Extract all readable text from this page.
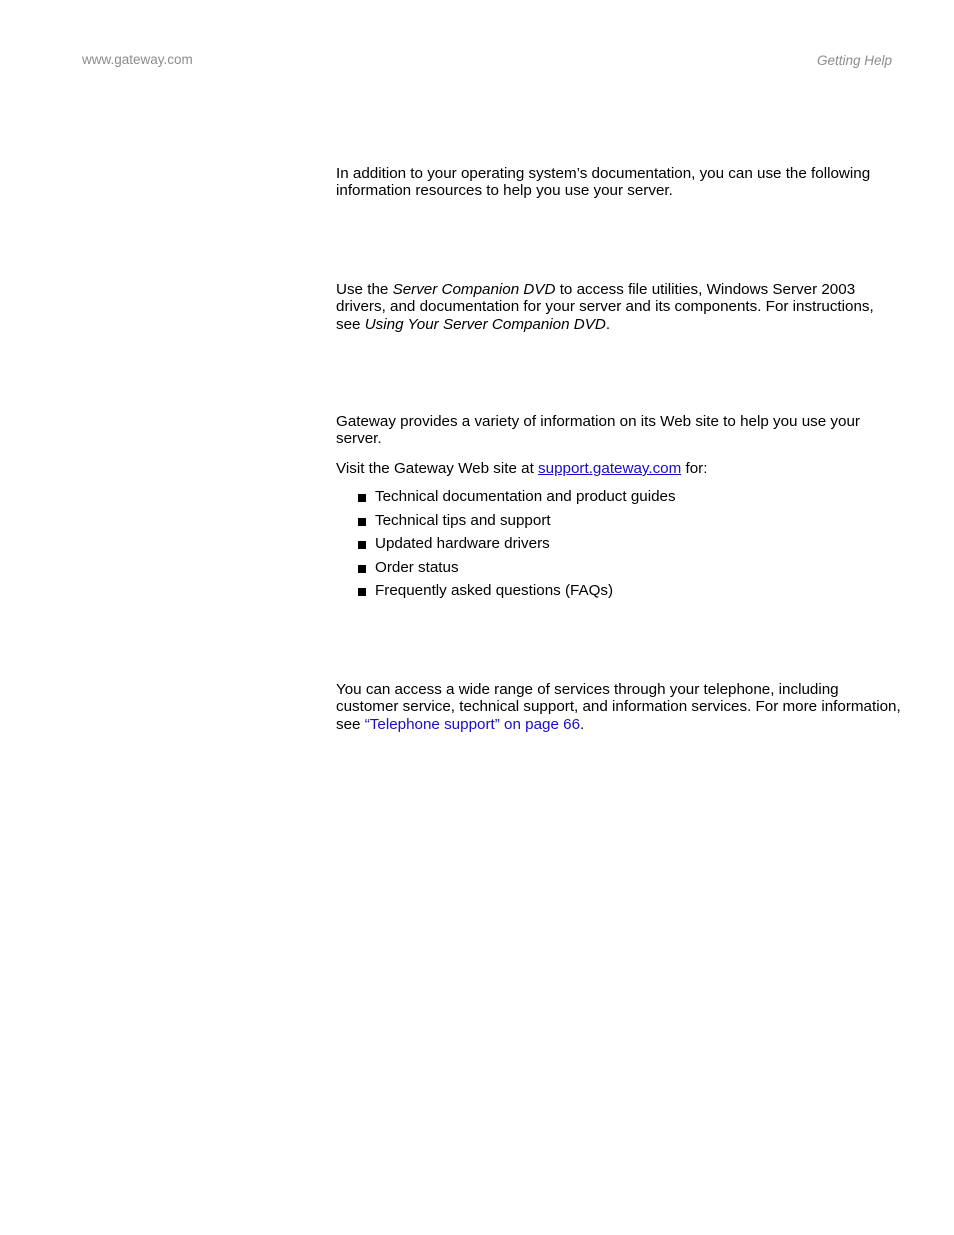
www.gateway.com	Getting Help

In addition to your operating system’s documentation, you can use the following information resources to help you use your server.

Use the Server Companion DVD to access file utilities, Windows Server 2003 drivers, and documentation for your server and its components. For instructions, see Using Your Server Companion DVD.

Gateway provides a variety of information on its Web site to help you use your server.

Visit the Gateway Web site at support.gateway.com for:

Technical documentation and product guides
Technical tips and support
Updated hardware drivers
Order status
Frequently asked questions (FAQs)

You can access a wide range of services through your telephone, including customer service, technical support, and information services. For more information, see “Telephone support” on page 66.
